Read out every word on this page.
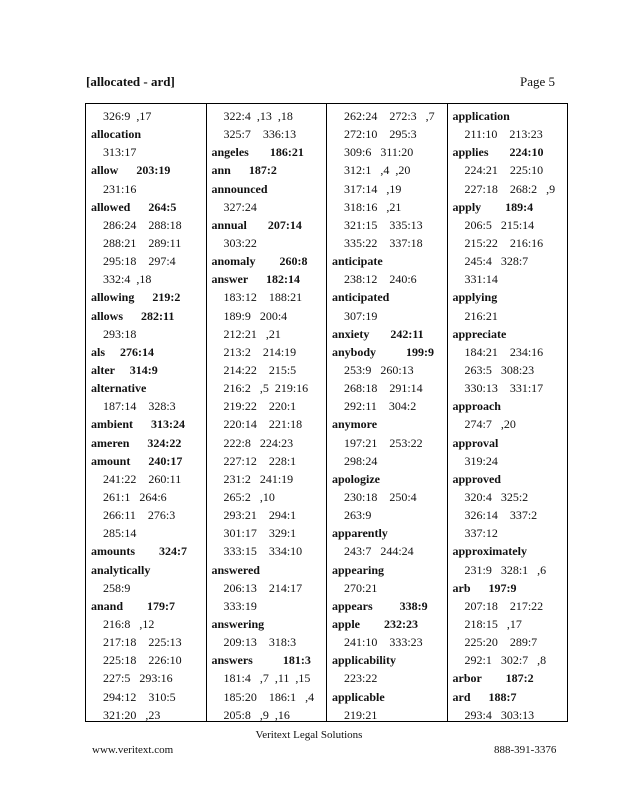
[allocated - ard]	Page 5
326:9  ,17
allocation
313:17
allow      203:19
231:16
allowed      264:5
286:24    288:18
288:21    289:11
295:18    297:4
332:4  ,18
allowing      219:2
allows      282:11
293:18
als     276:14
alter     314:9
alternative
187:14    328:3
ambient      313:24
ameren      324:22
amount      240:17
241:22    260:11
261:1   264:6
266:11    276:3
285:14
amounts        324:7
analytically
258:9
anand        179:7
216:8   ,12
217:18    225:13
225:18    226:10
227:5   293:16
294:12    310:5
321:20   ,23
322:4  ,13  ,18
325:7    336:13
angeles       186:21
ann      187:2
announced
327:24
annual       207:14
303:22
anomaly        260:8
answer      182:14
183:12    188:21
189:9   200:4
212:21   ,21
213:2    214:19
214:22    215:5
216:2   ,5  219:16
219:22    220:1
220:14    221:18
222:8   224:23
227:12    228:1
231:2   241:19
265:2   ,10
293:21    294:1
301:17    329:1
333:15    334:10
answered
206:13    214:17
333:19
answering
209:13    318:3
answers          181:3
181:4   ,7  ,11  ,15
185:20    186:1   ,4
205:8   ,9  ,16
262:24    272:3   ,7
272:10    295:3
309:6   311:20
312:1   ,4  ,20
317:14   ,19
318:16   ,21
321:15    335:13
335:22    337:18
anticipate
238:12    240:6
anticipated
307:19
anxiety       242:11
anybody          199:9
253:9   260:13
268:18    291:14
292:11    304:2
anymore
197:21    253:22
298:24
apologize
230:18    250:4
263:9
apparently
243:7   244:24
appearing
270:21
appears         338:9
apple        232:23
241:10    333:23
applicability
223:22
applicable
219:21
application
211:10    213:23
applies       224:10
224:21    225:10
227:18    268:2   ,9
apply        189:4
206:5   215:14
215:22    216:16
245:4   328:7
331:14
applying
216:21
appreciate
184:21    234:16
263:5   308:23
330:13    331:17
approach
274:7   ,20
approval
319:24
approved
320:4   325:2
326:14    337:2
337:12
approximately
231:9   328:1   ,6
arb      197:9
207:18    217:22
218:15   ,17
225:20    289:7
292:1   302:7   ,8
arbor        187:2
ard      188:7
293:4   303:13
Veritext Legal Solutions
www.veritext.com	888-391-3376
